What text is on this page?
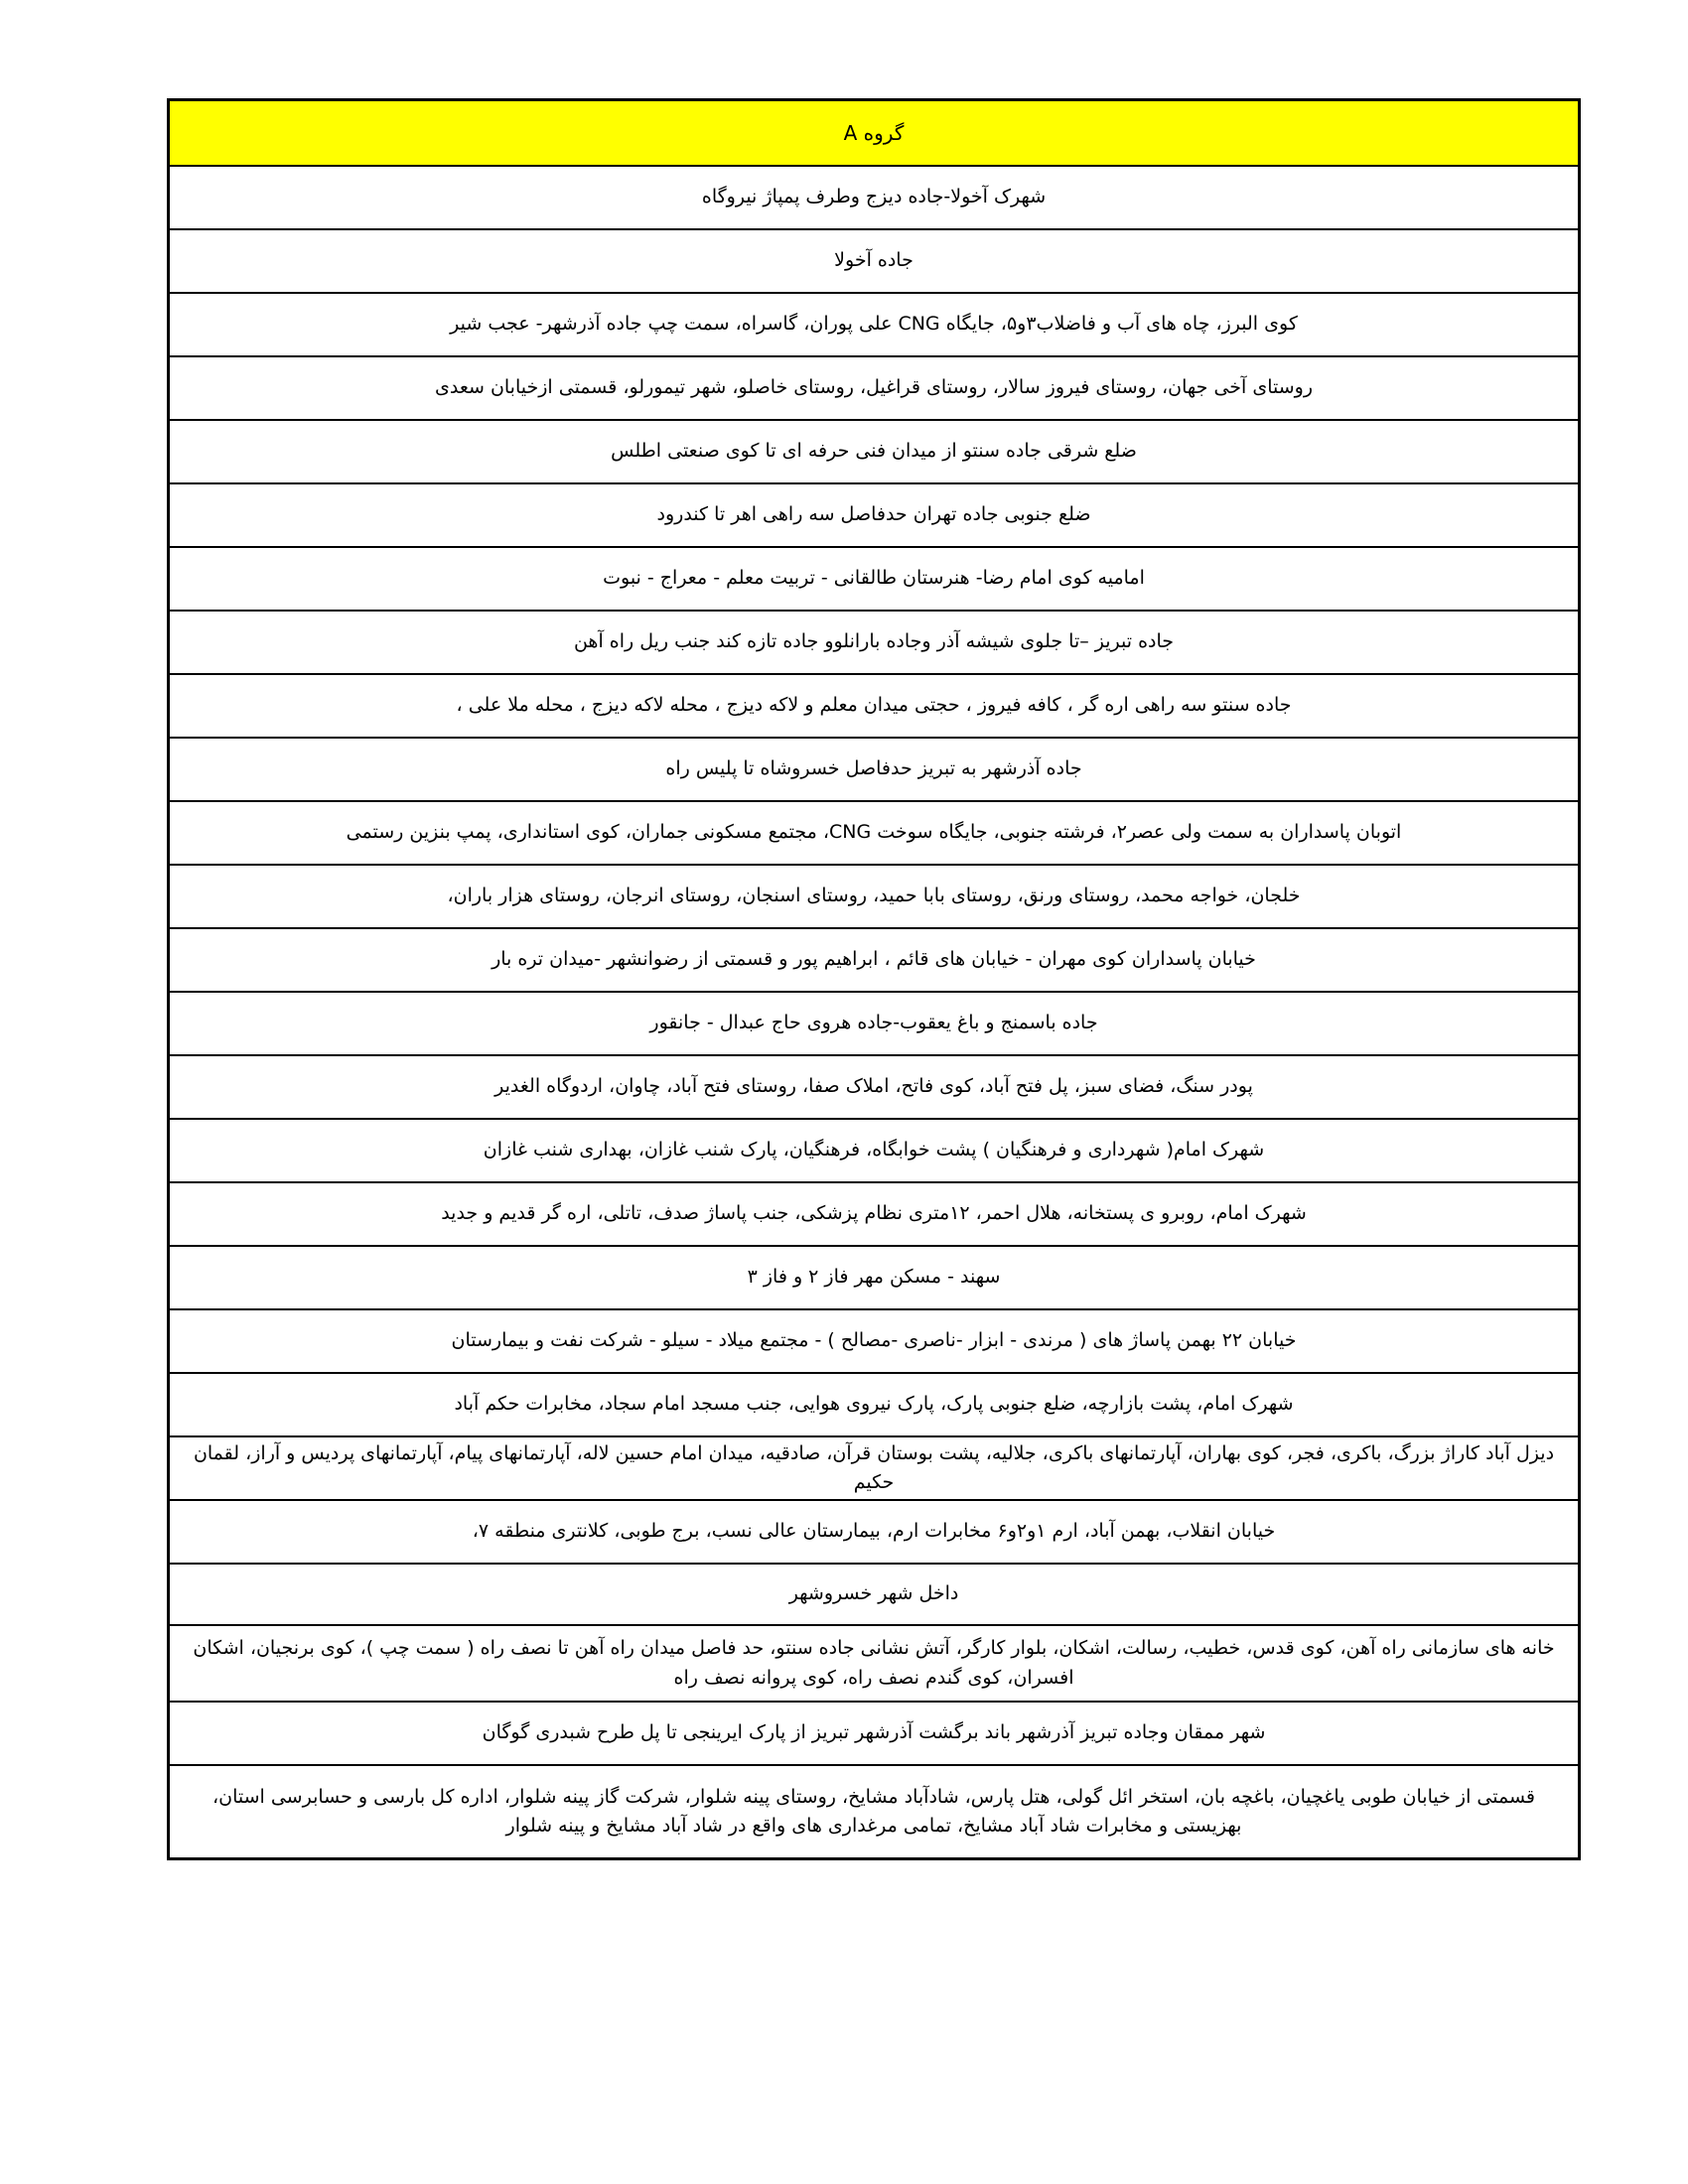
گروه A
شهرک آخولا-جاده دیزج وطرف پمپاژ نیروگاه
جاده آخولا
کوی البرز، چاه های آب و فاضلاب۳و۵، جایگاه CNG علی پوران، گاسراه، سمت چپ جاده آذرشهر- عجب شیر
روستای آخی جهان، روستای فیروز سالار، روستای قراغیل، روستای خاصلو، شهر تیمورلو، قسمتی ازخیابان سعدی
ضلع شرقی جاده سنتو از میدان فنی حرفه ای تا کوی صنعتی اطلس
ضلع جنوبی جاده تهران حدفاصل سه راهی اهر تا کندرود
امامیه کوی امام رضا- هنرستان طالقانی - تربیت معلم - معراج - نبوت
جاده تبریز –تا جلوی شیشه آذر وجاده بارانلوو جاده تازه کند جنب ریل راه آهن
جاده سنتو سه راهی اره گر ، کافه فیروز ، حجتی میدان معلم و لاکه دیزج ، محله لاکه دیزج ، محله ملا علی ،
جاده آذرشهر به تبریز حدفاصل خسروشاه تا پلیس راه
اتوبان پاسداران به سمت ولی عصر۲، فرشته جنوبی، جایگاه سوخت CNG، مجتمع مسکونی جماران، کوی استانداری، پمپ بنزین رستمی
خلجان، خواجه محمد، روستای ورنق، روستای بابا حمید، روستای اسنجان، روستای انرجان، روستای هزار باران،
خیابان پاسداران کوی مهران - خیابان های قائم ، ابراهیم پور و قسمتی از رضوانشهر -میدان تره بار
جاده باسمنج و باغ یعقوب-جاده هروی حاج عبدال - جانقور
پودر سنگ، فضای سبز، پل فتح آباد، کوی فاتح، املاک صفا، روستای فتح آباد، چاوان، اردوگاه الغدیر
شهرک امام( شهرداری و فرهنگیان ) پشت خوابگاه، فرهنگیان، پارک شنب غازان، بهداری شنب غازان
شهرک امام، روبرو ی پستخانه، هلال احمر، ۱۲متری نظام پزشکی، جنب پاساژ صدف، تاتلی، اره گر قدیم و جدید
سهند - مسکن مهر فاز ۲ و فاز ۳
خیابان ۲۲ بهمن پاساژ های ( مرندی - ابزار -ناصری -مصالح ) - مجتمع میلاد - سیلو - شرکت نفت و بیمارستان
شهرک امام، پشت بازارچه، ضلع جنوبی پارک، پارک نیروی هوایی، جنب مسجد امام سجاد، مخابرات حکم آباد
دیزل آباد کاراژ بزرگ، باکری، فجر، کوی بهاران، آپارتمانهای باکری، جلالیه، پشت بوستان قرآن، صادقیه، میدان امام حسین لاله، آپارتمانهای پیام، آپارتمانهای پردیس و آراز، لقمان حکیم
خیابان انقلاب، بهمن آباد، ارم ۱و۲و۶ مخابرات ارم، بیمارستان عالی نسب، برج طوبی، کلانتری منطقه ۷،
داخل شهر خسروشهر
خانه های سازمانی راه آهن، کوی قدس، خطیب، رسالت، اشکان، بلوار کارگر، آتش نشانی جاده سنتو، حد فاصل میدان راه آهن تا نصف راه ( سمت چپ )، کوی برنجیان، اشکان افسران، کوی گندم نصف راه، کوی پروانه نصف راه
شهر ممقان وجاده تبریز آذرشهر باند برگشت آذرشهر تبریز از پارک ایرینجی تا پل طرح شبدری گوگان
قسمتی از خیابان طوبی یاغچیان، باغچه بان، استخر ائل گولی، هتل پارس، شادآباد مشایخ، روستای پینه شلوار، شرکت گاز پینه شلوار، اداره کل بارسی و حسابرسی استان، بهزیستی و مخابرات شاد آباد مشایخ، تمامی مرغداری های واقع در شاد آباد مشایخ و پینه شلوار
